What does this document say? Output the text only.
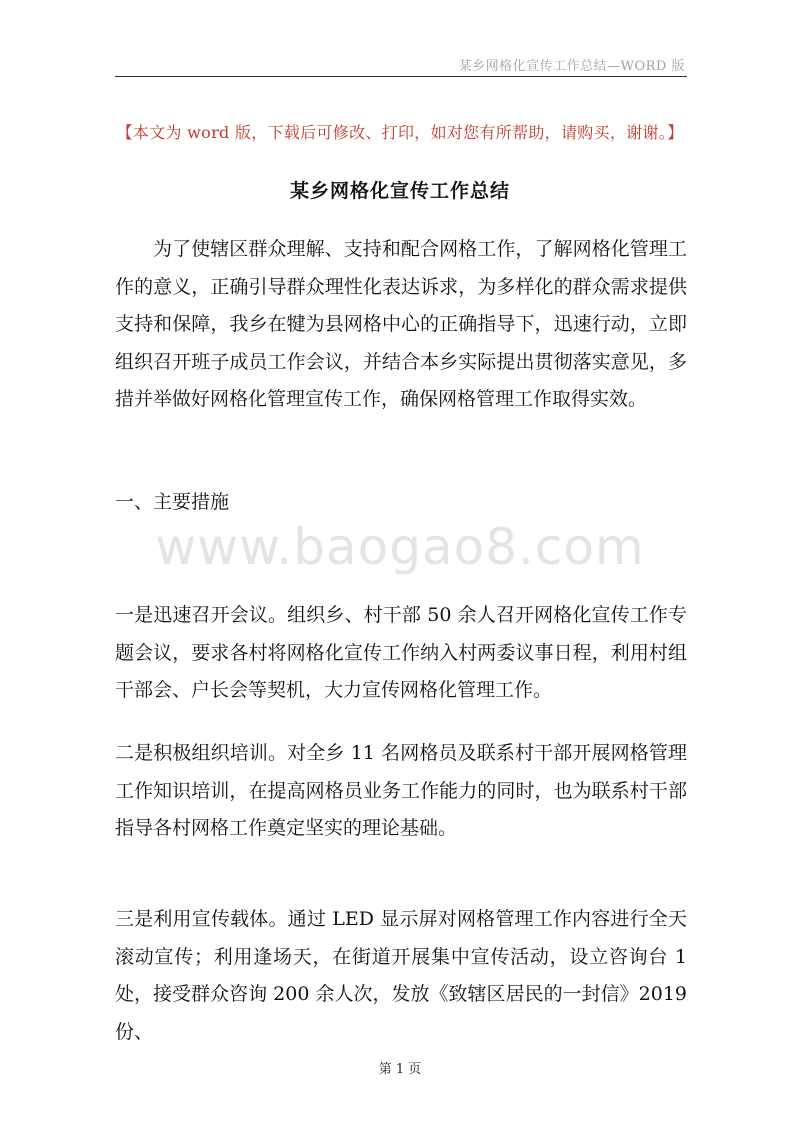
某乡网格化宣传工作总结—WORD 版
【本文为 word 版，下载后可修改、打印，如对您有所帮助，请购买，谢谢。】
某乡网格化宣传工作总结

为了使辖区群众理解、支持和配合网格工作，了解网格化管理工作的意义，正确引导群众理性化表达诉求，为多样化的群众需求提供支持和保障，我乡在犍为县网格中心的正确指导下，迅速行动，立即组织召开班子成员工作会议，并结合本乡实际提出贯彻落实意见，多措并举做好网格化管理宣传工作，确保网格管理工作取得实效。

一、主要措施

www.baogao8.com

一是迅速召开会议。组织乡、村干部 50 余人召开网格化宣传工作专题会议，要求各村将网格化宣传工作纳入村两委议事日程，利用村组干部会、户长会等契机，大力宣传网格化管理工作。

二是积极组织培训。对全乡 11 名网格员及联系村干部开展网格管理工作知识培训，在提高网格员业务工作能力的同时，也为联系村干部指导各村网格工作奠定坚实的理论基础。

三是利用宣传载体。通过 LED 显示屏对网格管理工作内容进行全天滚动宣传；利用逢场天，在街道开展集中宣传活动，设立咨询台 1 处，接受群众咨询 200 余人次，发放《致辖区居民的一封信》2019 份、

第 1 页
